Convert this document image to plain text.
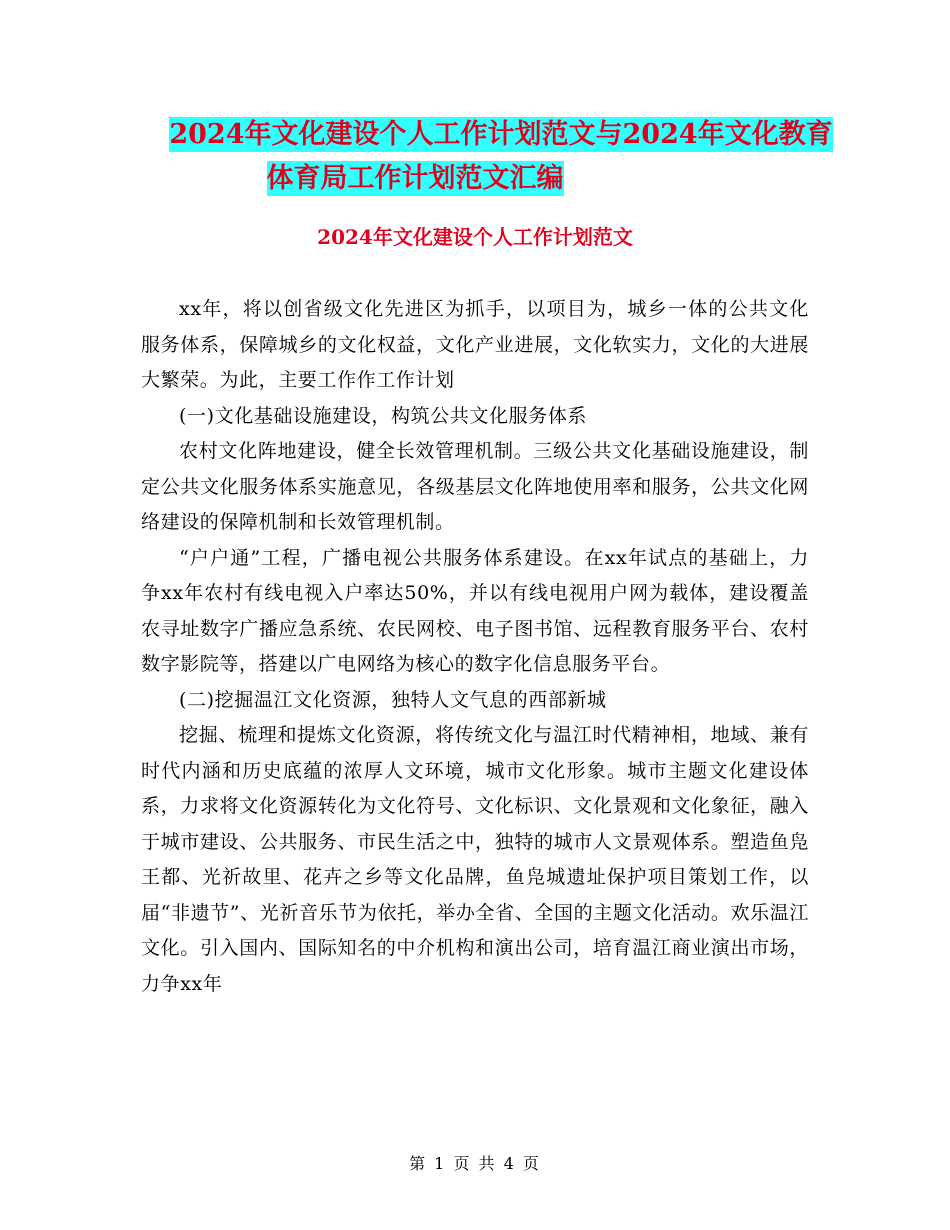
2024年文化建设个人工作计划范文与2024年文化教育
体育局工作计划范文汇编
2024年文化建设个人工作计划范文

xx年，将以创省级文化先进区为抓手，以项目为，城乡一体的公共文化服务体系，保障城乡的文化权益，文化产业进展，文化软实力，文化的大进展大繁荣。为此，主要工作作工作计划

(一)文化基础设施建设，构筑公共文化服务体系

农村文化阵地建设，健全长效管理机制。三级公共文化基础设施建设，制定公共文化服务体系实施意见，各级基层文化阵地使用率和服务，公共文化网络建设的保障机制和长效管理机制。

“户户通”工程，广播电视公共服务体系建设。在xx年试点的基础上，力争xx年农村有线电视入户率达50%，并以有线电视用户网为载体，建设覆盖农寻址数字广播应急系统、农民网校、电子图书馆、远程教育服务平台、农村数字影院等，搭建以广电网络为核心的数字化信息服务平台。

(二)挖掘温江文化资源，独特人文气息的西部新城

挖掘、梳理和提炼文化资源，将传统文化与温江时代精神相，地域、兼有时代内涵和历史底蕴的浓厚人文环境，城市文化形象。城市主题文化建设体系，力求将文化资源转化为文化符号、文化标识、文化景观和文化象征，融入于城市建设、公共服务、市民生活之中，独特的城市人文景观体系。塑造鱼凫王都、光祈故里、花卉之乡等文化品牌，鱼凫城遗址保护项目策划工作，以届“非遗节”、光祈音乐节为依托，举办全省、全国的主题文化活动。欢乐温江文化。引入国内、国际知名的中介机构和演出公司，培育温江商业演出市场，力争xx年

第 1 页 共 4 页
